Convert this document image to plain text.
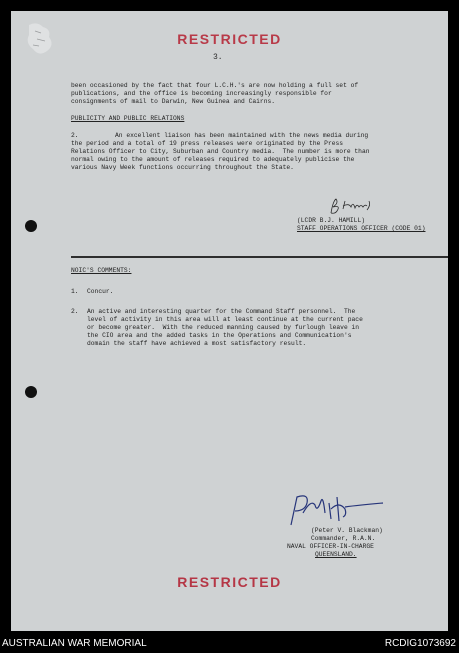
RESTRICTED
3.
been occasioned by the fact that four L.C.H.'s are now holding a full set of
publications, and the office is becoming increasingly responsible for
consignments of mail to Darwin, New Guinea and Cairns.
PUBLICITY AND PUBLIC RELATIONS
2.	An excellent liaison has been maintained with the news media during
the period and a total of 19 press releases were originated by the Press
Relations Officer to City, Suburban and Country media.  The number is more than
normal owing to the amount of releases required to adequately publicise the
various Navy Week functions occurring throughout the State.
(LCDR B.J. HAMILL)
STAFF OPERATIONS OFFICER (CODE 01)
NOIC'S COMMENTS:
1. Concur.
2. An active and interesting quarter for the Command Staff personnel.  The
level of activity in this area will at least continue at the current pace
or become greater.  With the reduced manning caused by furlough leave in
the CIO area and the added tasks in the Operations and Communication's
domain the staff have achieved a most satisfactory result.
(Peter V. Blackman)
Commander, R.A.N.
NAVAL OFFICER-IN-CHARGE
QUEENSLAND.
RESTRICTED
AUSTRALIAN WAR MEMORIAL	RCDIG1073692
